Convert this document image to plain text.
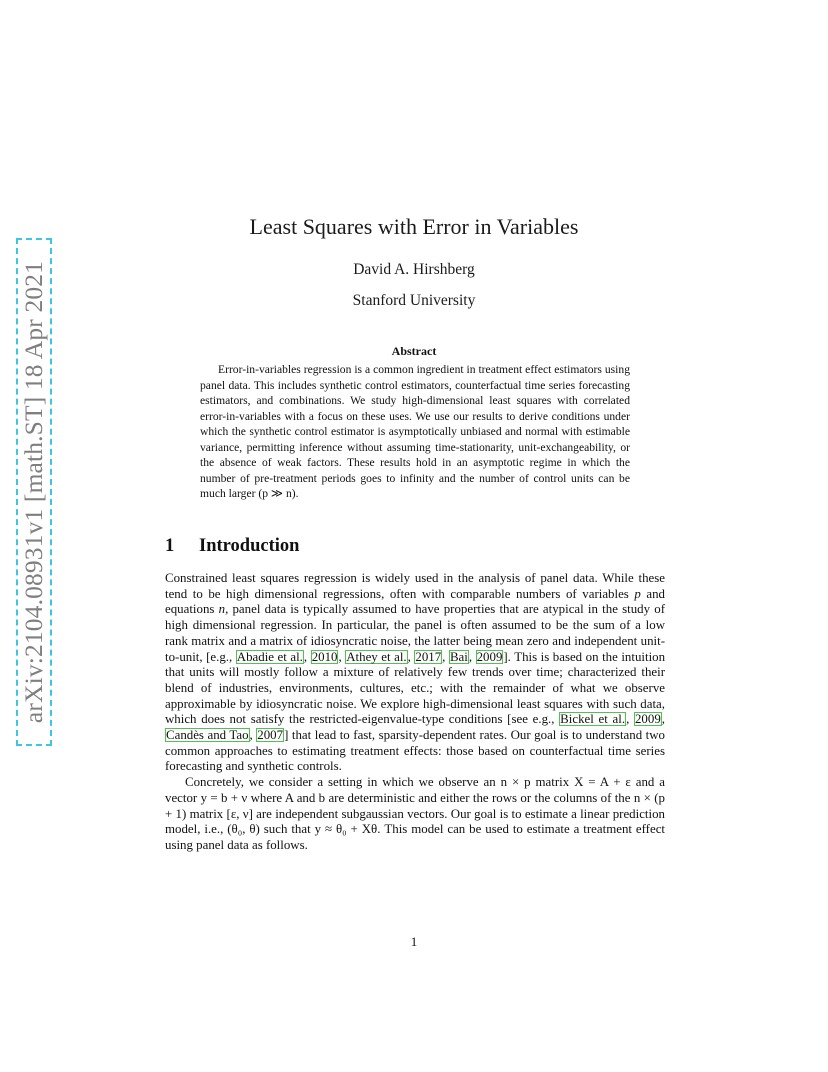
arXiv:2104.08931v1 [math.ST] 18 Apr 2021
Least Squares with Error in Variables
David A. Hirshberg
Stanford University
Abstract
Error-in-variables regression is a common ingredient in treatment effect estimators using panel data. This includes synthetic control estimators, counterfactual time series forecasting estimators, and combinations. We study high-dimensional least squares with correlated error-in-variables with a focus on these uses. We use our results to derive conditions under which the synthetic control estimator is asymptotically unbiased and normal with estimable variance, permitting inference without assuming time-stationarity, unit-exchangeability, or the absence of weak factors. These results hold in an asymptotic regime in which the number of pre-treatment periods goes to infinity and the number of control units can be much larger (p ≫ n).
1 Introduction

Constrained least squares regression is widely used in the analysis of panel data. While these tend to be high dimensional regressions, often with comparable numbers of variables p and equations n, panel data is typically assumed to have properties that are atypical in the study of high dimensional regression. In particular, the panel is often assumed to be the sum of a low rank matrix and a matrix of idiosyncratic noise, the latter being mean zero and independent unit-to-unit, [e.g., Abadie et al., 2010, Athey et al., 2017, Bai, 2009]. This is based on the intuition that units will mostly follow a mixture of relatively few trends over time; characterized their blend of industries, environments, cultures, etc.; with the remainder of what we observe approximable by idiosyncratic noise. We explore high-dimensional least squares with such data, which does not satisfy the restricted-eigenvalue-type conditions [see e.g., Bickel et al., 2009, Candès and Tao, 2007] that lead to fast, sparsity-dependent rates. Our goal is to understand two common approaches to estimating treatment effects: those based on counterfactual time series forecasting and synthetic controls.

Concretely, we consider a setting in which we observe an n × p matrix X = A + ε and a vector y = b + ν where A and b are deterministic and either the rows or the columns of the n × (p + 1) matrix [ε, ν] are independent subgaussian vectors. Our goal is to estimate a linear prediction model, i.e., (θ₀, θ) such that y ≈ θ₀ + Xθ. This model can be used to estimate a treatment effect using panel data as follows.

1
